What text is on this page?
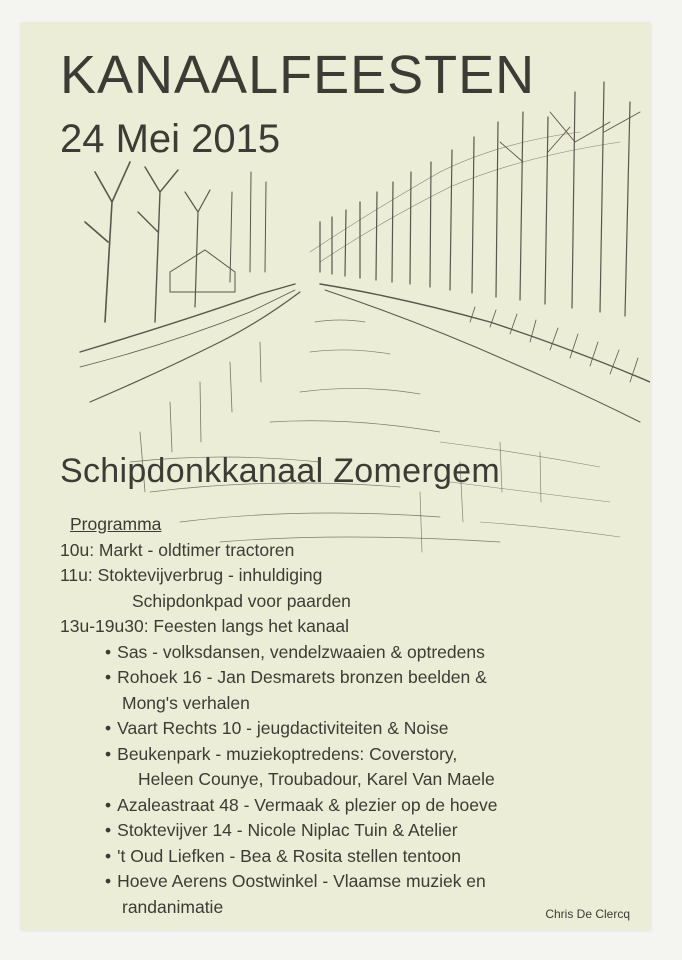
KANAALFEESTEN
24 Mei 2015
Schipdonkkanaal Zomergem
Programma
10u: Markt - oldtimer tractoren
11u: Stoktevijverbrug - inhuldiging
Schipdonkpad voor paarden
13u-19u30: Feesten langs het kanaal
• Sas - volksdansen, vendelzwaaien & optredens
• Rohoek 16 - Jan Desmarets bronzen beelden &
Mong's verhalen
• Vaart Rechts 10 - jeugdactiviteiten & Noise
• Beukenpark - muziekoptredens: Coverstory,
Heleen Counye, Troubadour, Karel Van Maele
• Azaleastraat 48 - Vermaak & plezier op de hoeve
• Stoktevijver 14 - Nicole Niplac Tuin & Atelier
• 't Oud Liefken - Bea & Rosita stellen tentoon
• Hoeve Aerens Oostwinkel - Vlaamse muziek en
randanimatie	Chris De Clercq
